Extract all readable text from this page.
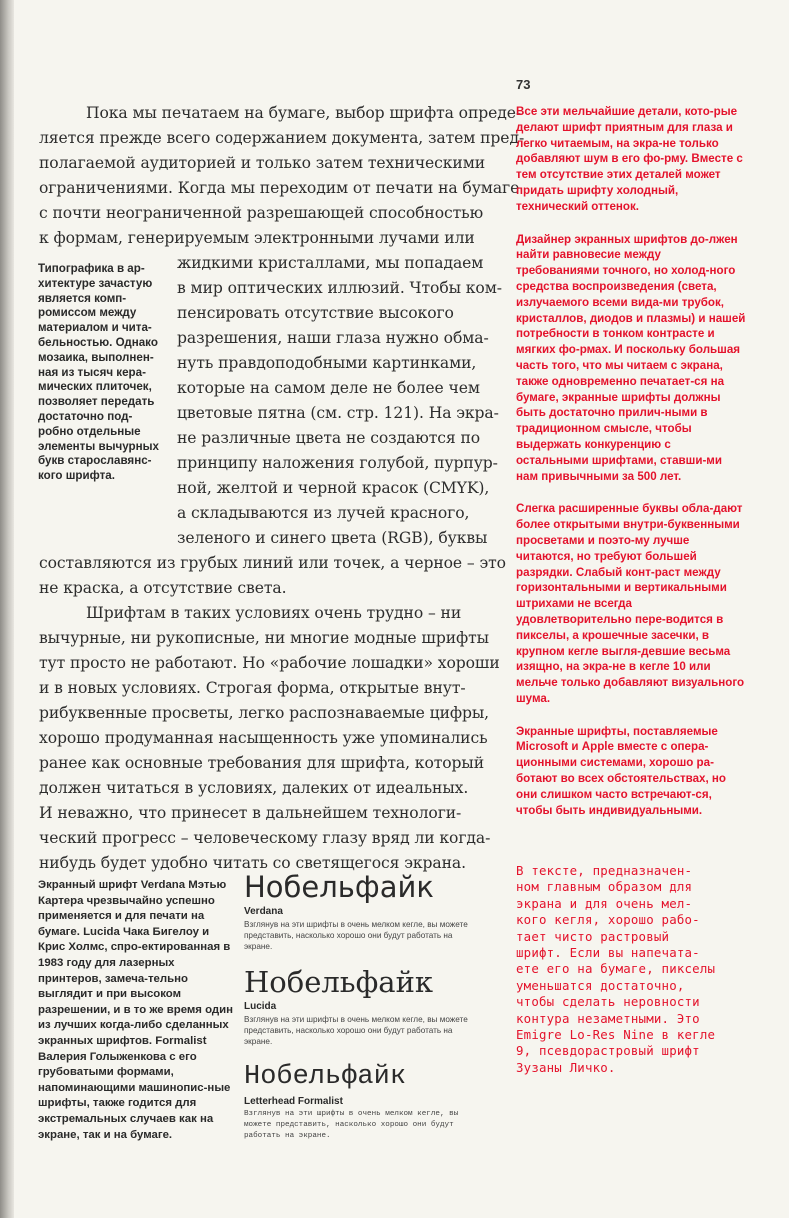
73
Пока мы печатаем на бумаге, выбор шрифта опреде-
ляется прежде всего содержанием документа, затем пред-
полагаемой аудиторией и только затем техническими
ограничениями. Когда мы переходим от печати на бумаге
с почти неограниченной разрешающей способностью
к формам, генерируемым электронными лучами или
жидкими кристаллами, мы попадаем
в мир оптических иллюзий. Чтобы ком-
пенсировать отсутствие высокого
разрешения, наши глаза нужно обма-
нуть правдоподобными картинками,
которые на самом деле не более чем
цветовые пятна (см. стр. 121). На экра-
не различные цвета не создаются по
принципу наложения голубой, пурпур-
ной, желтой и черной красок (CMYK),
а складываются из лучей красного,
зеленого и синего цвета (RGB), буквы
составляются из грубых линий или точек, а черное – это
не краска, а отсутствие света.
Шрифтам в таких условиях очень трудно – ни
вычурные, ни рукописные, ни многие модные шрифты
тут просто не работают. Но «рабочие лошадки» хороши
и в новых условиях. Строгая форма, открытые внут-
рибуквенные просветы, легко распознаваемые цифры,
хорошо продуманная насыщенность уже упоминались
ранее как основные требования для шрифта, который
должен читаться в условиях, далеких от идеальных.
И неважно, что принесет в дальнейшем технологи-
ческий прогресс – человеческому глазу вряд ли когда-
нибудь будет удобно читать со светящегося экрана.
Типографика в ар-
хитектуре зачастую
является комп-
ромиссом между
материалом и чита-
бельностью. Однако
мозаика, выполнен-
ная из тысяч кера-
мических плиточек,
позволяет передать
достаточно под-
робно отдельные
элементы вычурных
букв старославянс-
кого шрифта.

Все эти мельчайшие детали, кото-рые делают шрифт приятным для глаза и легко читаемым, на экра-не только добавляют шум в его фо-рму. Вместе с тем отсутствие этих деталей может придать шрифту холодный, технический оттенок.

Дизайнер экранных шрифтов до-лжен найти равновесие между требованиями точного, но холод-ного средства воспроизведения (света, излучаемого всеми вида-ми трубок, кристаллов, диодов и плазмы) и нашей потребности в тонком контрасте и мягких фо-рмах. И поскольку большая часть того, что мы читаем с экрана, также одновременно печатает-ся на бумаге, экранные шрифты должны быть достаточно прилич-ными в традиционном смысле, чтобы выдержать конкуренцию с остальными шрифтами, ставши-ми нам привычными за 500 лет.

Слегка расширенные буквы обла-дают более открытыми внутри-буквенными просветами и поэто-му лучше читаются, но требуют большей разрядки. Слабый конт-раст между горизонтальными и вертикальными штрихами не всегда удовлетворительно пере-водится в пикселы, а крошечные засечки, в крупном кегле выгля-девшие весьма изящно, на экра-не в кегле 10 или мельче только добавляют визуального шума.

Экранные шрифты, поставляемые Microsoft и Apple вместе с опера-ционными системами, хорошо ра-ботают во всех обстоятельствах, но они слишком часто встречают-ся, чтобы быть индивидуальными.

Экранный шрифт Verdana Мэтью Картера чрезвычайно успешно применяется и для печати на бумаге. Lucida Чака Бигелоу и Крис Холмс, спро-ектированная в 1983 году для лазерных принтеров, замеча-тельно выглядит и при высоком разрешении, и в то же время один из лучших когда-либо сделанных экранных шрифтов. Formalist Валерия Голыженкова с его грубоватыми формами, напоминающими машинопис-ные шрифты, также годится для экстремальных случаев как на экране, так и на бумаге.
Нобельфайк
Verdana
Взглянув на эти шрифты в очень мелком кегле, вы можете представить, насколько хорошо они будут работать на экране.
Нобельфайк
Lucida
Взглянув на эти шрифты в очень мелком кегле, вы можете представить, насколько хорошо они будут работать на экране.
Нобельфайк
Letterhead Formalist
Взглянув на эти шрифты в очень мелком кегле, вы можете представить, насколько хорошо они будут работать на экране.
В тексте, предназначен-
ном главным образом для
экрана и для очень мел-
кого кегля, хорошо рабо-
тает чисто растровый
шрифт. Если вы напечата-
ете его на бумаге, пикселы
уменьшатся достаточно,
чтобы сделать неровности
контура незаметными. Это
Emigre Lo-Res Nine в кегле
9, псевдорастровый шрифт
Зузаны Личко.
